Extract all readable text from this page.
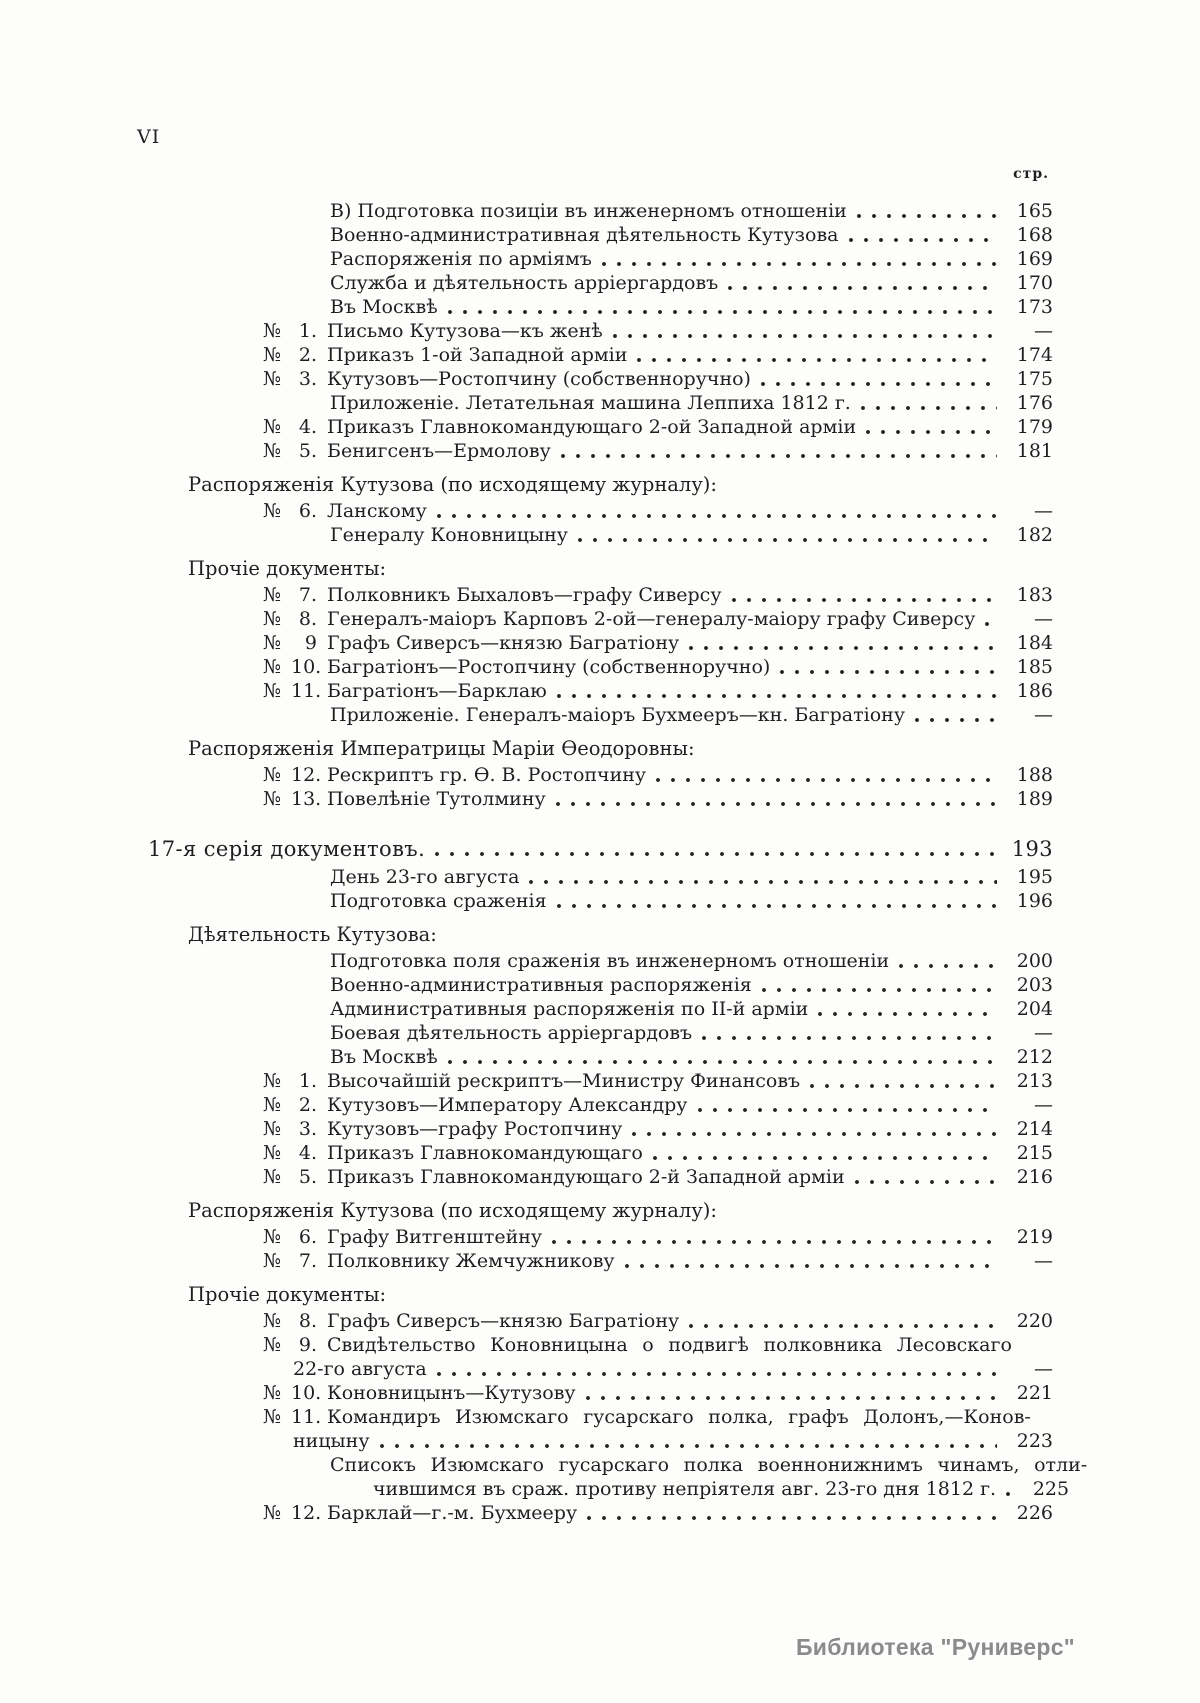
VI
стр.
В) Подготовка позиціи въ инженерномъ отношеніи	165
Военно-административная дѣятельность Кутузова	168
Распоряженія по арміямъ	169
Служба и дѣятельность арріергардовъ	170
Въ Москвѣ	173
№ 1. Письмо Кутузова—къ женѣ	—
№ 2. Приказъ 1-ой Западной арміи	174
№ 3. Кутузовъ—Ростопчину (собственноручно)	175
Приложеніе. Летательная машина Леппиха 1812 г.	176
№ 4. Приказъ Главнокомандующаго 2-ой Западной арміи	179
№ 5. Бенигсенъ—Ермолову	181
Распоряженія Кутузова (по исходящему журналу):
№ 6. Ланскому	—
Генералу Коновницыну	182
Прочіе документы:
№ 7. Полковникъ Быхаловъ—графу Сиверсу	183
№ 8. Генералъ-маіоръ Карповъ 2-ой—генералу-маіору графу Сиверсу	—
№	9 Графъ Сиверсъ—князю Багратіону	184
№ 10. Багратіонъ—Ростопчину (собственноручно)	185
№ 11. Багратіонъ—Барклаю	186
Приложеніе. Генералъ-маіоръ Бухмееръ—кн. Багратіону	—
Распоряженія Императрицы Маріи Ѳеодоровны:
№ 12. Рескриптъ гр. Ѳ. В. Ростопчину	188
№ 13. Повелѣніе Тутолмину	189
17-я серія документовъ.	193
День 23-го августа	195
Подготовка сраженія	196
Дѣятельность Кутузова:
Подготовка поля сраженія въ инженерномъ отношеніи	200
Военно-административныя распоряженія	203
Административныя распоряженія по II-й арміи	204
Боевая дѣятельность арріергардовъ	—
Въ Москвѣ	212
№ 1. Высочайшій рескриптъ—Министру Финансовъ	213
№ 2. Кутузовъ—Императору Александру	—
№ 3. Кутузовъ—графу Ростопчину	214
№ 4. Приказъ Главнокомандующаго	215
№ 5. Приказъ Главнокомандующаго 2-й Западной арміи	216
Распоряженія Кутузова (по исходящему журналу):
№ 6. Графу Витгенштейну	219
№ 7. Полковнику Жемчужникову	—
Прочіе документы:
№ 8. Графъ Сиверсъ—князю Багратіону	220
№ 9. Свидѣтельство Коновницына о подвигѣ полковника Лесовскаго
22-го августа	—
№ 10. Коновницынъ—Кутузову	221
№ 11. Командиръ Изюмскаго гусарскаго полка, графъ Долонъ,—Конов-
ницыну	223
Списокъ Изюмскаго гусарскаго полка военнонижнимъ чинамъ, отли-
чившимся въ сраж. противу непріятеля авг. 23-го дня 1812 г.	225
№ 12. Барклай—г.-м. Бухмееру	226
Библиотека "Руниверс"
